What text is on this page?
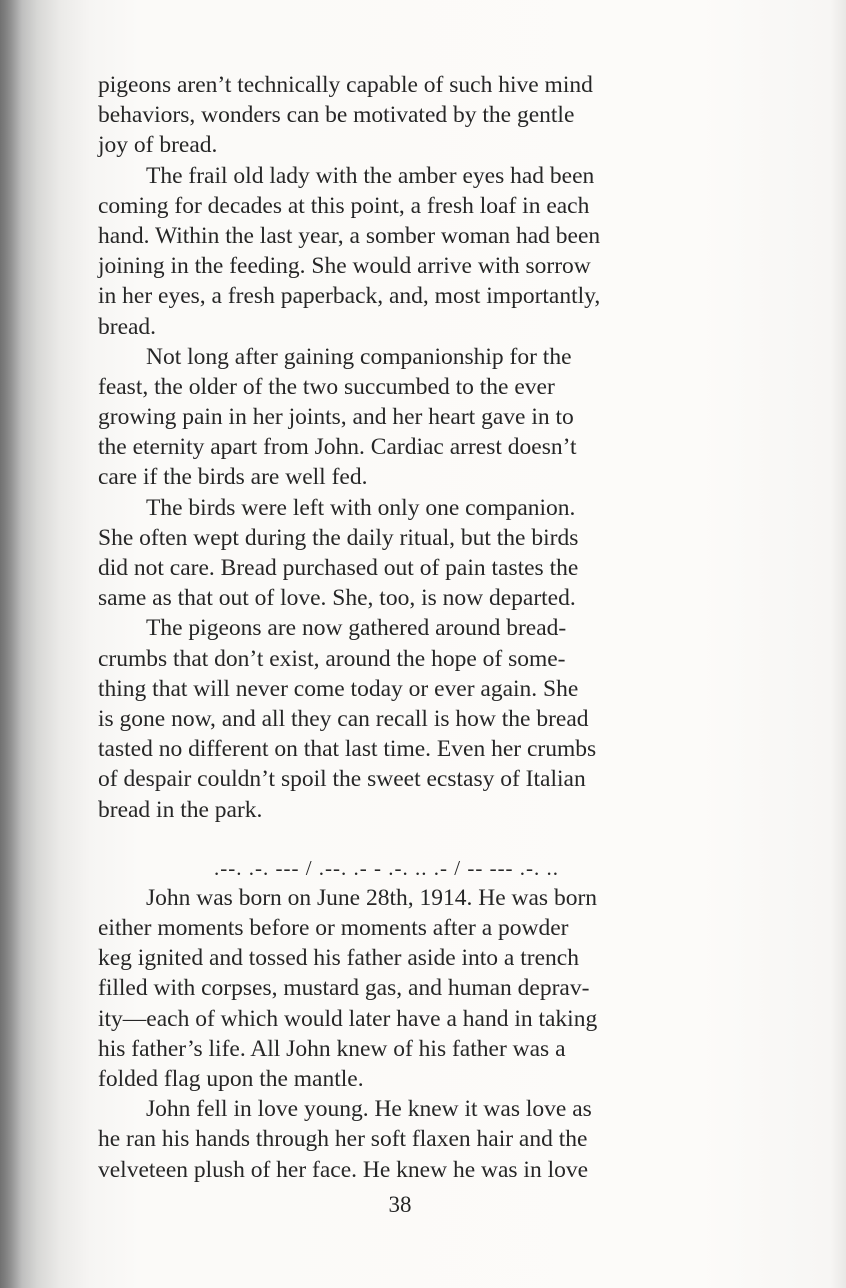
pigeons aren’t technically capable of such hive mind
behaviors, wonders can be motivated by the gentle
joy of bread.
The frail old lady with the amber eyes had been
coming for decades at this point, a fresh loaf in each
hand. Within the last year, a somber woman had been
joining in the feeding. She would arrive with sorrow
in her eyes, a fresh paperback, and, most importantly,
bread.
Not long after gaining companionship for the
feast, the older of the two succumbed to the ever
growing pain in her joints, and her heart gave in to
the eternity apart from John. Cardiac arrest doesn’t
care if the birds are well fed.
The birds were left with only one companion.
She often wept during the daily ritual, but the birds
did not care. Bread purchased out of pain tastes the
same as that out of love. She, too, is now departed.
The pigeons are now gathered around bread-
crumbs that don’t exist, around the hope of some-
thing that will never come today or ever again. She
is gone now, and all they can recall is how the bread
tasted no different on that last time. Even her crumbs
of despair couldn’t spoil the sweet ecstasy of Italian
bread in the park.
.--. .-. --- / .--. .- - .-. .. .- / -- --- .-. ..
John was born on June 28th, 1914. He was born
either moments before or moments after a powder
keg ignited and tossed his father aside into a trench
filled with corpses, mustard gas, and human deprav-
ity—each of which would later have a hand in taking
his father’s life. All John knew of his father was a
folded flag upon the mantle.
John fell in love young. He knew it was love as
he ran his hands through her soft flaxen hair and the
velveteen plush of her face. He knew he was in love
38
